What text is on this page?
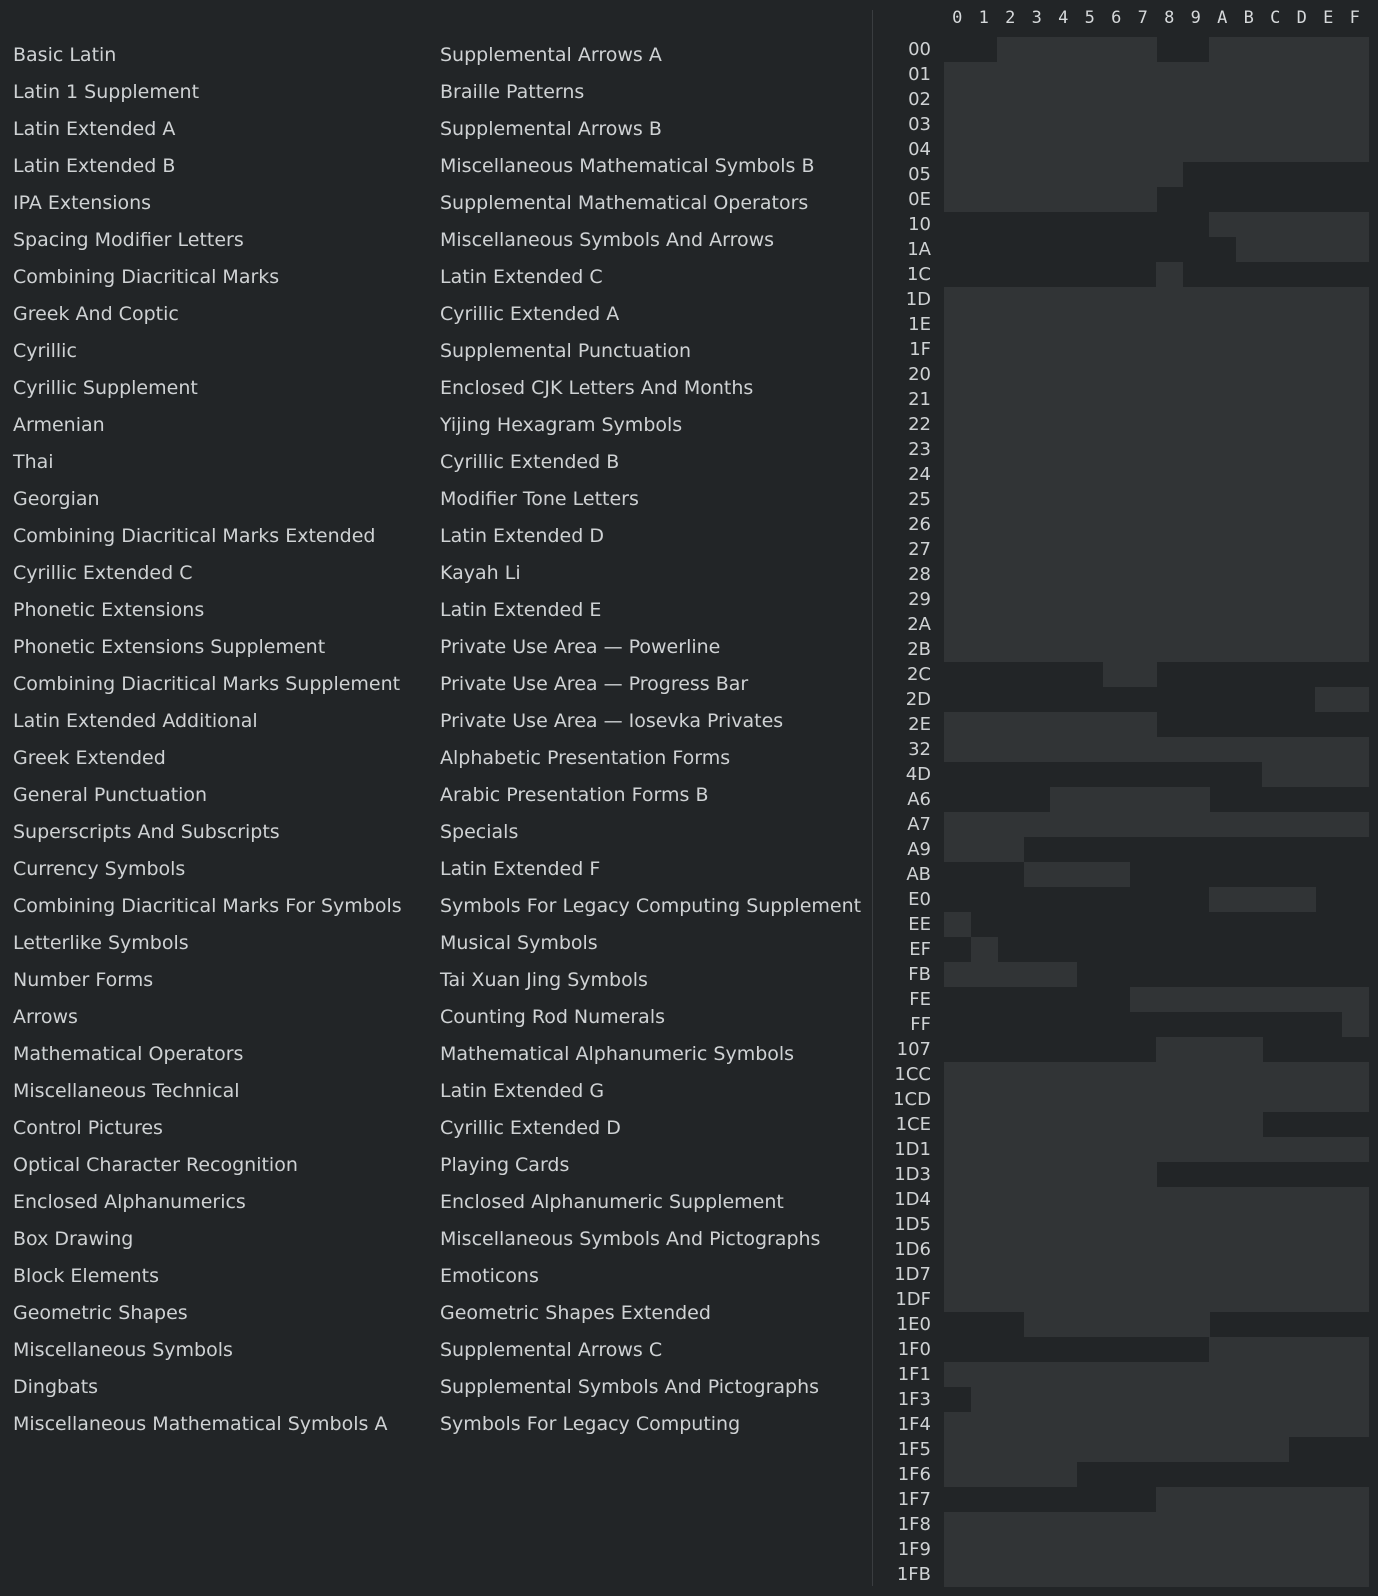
Basic Latin
Latin 1 Supplement
Latin Extended A
Latin Extended B
IPA Extensions
Spacing Modifier Letters
Combining Diacritical Marks
Greek And Coptic
Cyrillic
Cyrillic Supplement
Armenian
Thai
Georgian
Combining Diacritical Marks Extended
Cyrillic Extended C
Phonetic Extensions
Phonetic Extensions Supplement
Combining Diacritical Marks Supplement
Latin Extended Additional
Greek Extended
General Punctuation
Superscripts And Subscripts
Currency Symbols
Combining Diacritical Marks For Symbols
Letterlike Symbols
Number Forms
Arrows
Mathematical Operators
Miscellaneous Technical
Control Pictures
Optical Character Recognition
Enclosed Alphanumerics
Box Drawing
Block Elements
Geometric Shapes
Miscellaneous Symbols
Dingbats
Miscellaneous Mathematical Symbols A
Supplemental Arrows A
Braille Patterns
Supplemental Arrows B
Miscellaneous Mathematical Symbols B
Supplemental Mathematical Operators
Miscellaneous Symbols And Arrows
Latin Extended C
Cyrillic Extended A
Supplemental Punctuation
Enclosed CJK Letters And Months
Yijing Hexagram Symbols
Cyrillic Extended B
Modifier Tone Letters
Latin Extended D
Kayah Li
Latin Extended E
Private Use Area — Powerline
Private Use Area — Progress Bar
Private Use Area — Iosevka Privates
Alphabetic Presentation Forms
Arabic Presentation Forms B
Specials
Latin Extended F
Symbols For Legacy Computing Supplement
Musical Symbols
Tai Xuan Jing Symbols
Counting Rod Numerals
Mathematical Alphanumeric Symbols
Latin Extended G
Cyrillic Extended D
Playing Cards
Enclosed Alphanumeric Supplement
Miscellaneous Symbols And Pictographs
Emoticons
Geometric Shapes Extended
Supplemental Arrows C
Supplemental Symbols And Pictographs
Symbols For Legacy Computing
0 1 2 3 4 5 6 7 8 9 A B C D E F
00
01
02
03
04
05
0E
10
1A
1C
1D
1E
1F
20
21
22
23
24
25
26
27
28
29
2A
2B
2C
2D
2E
32
4D
A6
A7
A9
AB
E0
EE
EF
FB
FE
FF
107
1CC
1CD
1CE
1D1
1D3
1D4
1D5
1D6
1D7
1DF
1E0
1F0
1F1
1F3
1F4
1F5
1F6
1F7
1F8
1F9
1FB
